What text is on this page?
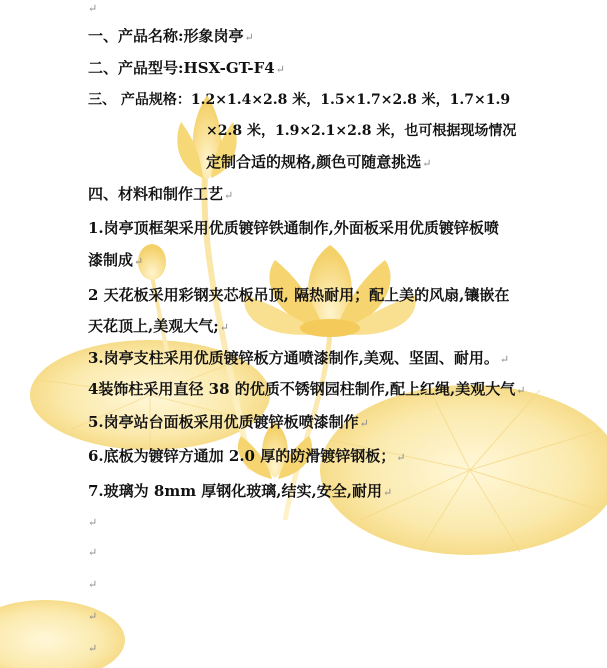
↵
一、产品名称:形象岗亭↵
二、产品型号:HSX-GT-F4↵
三、 产品规格：1.2×1.4×2.8 米，1.5×1.7×2.8 米，1.7×1.9
×2.8 米，1.9×2.1×2.8 米，也可根据现场情况
定制合适的规格,颜色可随意挑选↵
四、材料和制作工艺↵
1.岗亭顶框架采用优质镀锌铁通制作,外面板采用优质镀锌板喷
漆制成↵
2 天花板采用彩钢夹芯板吊顶, 隔热耐用；配上美的风扇,镶嵌在
天花顶上,美观大气;↵
3.岗亭支柱采用优质镀锌板方通喷漆制作,美观、坚固、耐用。↵
4装饰柱采用直径 38 的优质不锈钢园柱制作,配上红绳,美观大气↵
5.岗亭站台面板采用优质镀锌板喷漆制作↵
6.底板为镀锌方通加 2.0 厚的防滑镀锌钢板；↵
7.玻璃为 8mm 厚钢化玻璃,结实,安全,耐用↵
↵
↵
↵
↵
↵
